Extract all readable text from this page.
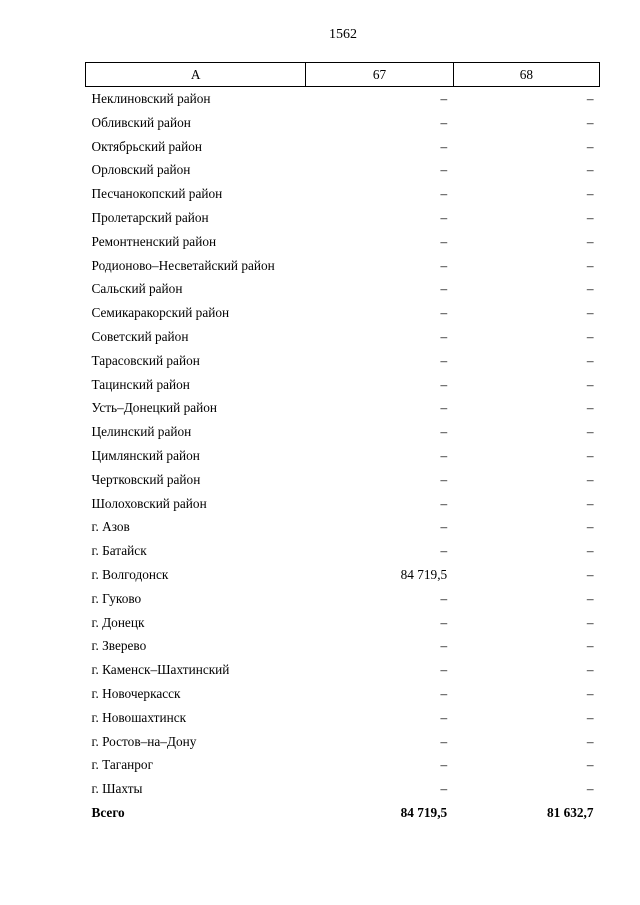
1562
А	67	68
Неклиновский район	–	–
Обливский район	–	–
Октябрьский район	–	–
Орловский район	–	–
Песчанокопский район	–	–
Пролетарский район	–	–
Ремонтненский район	–	–
Родионово–Несветайский район	–	–
Сальский район	–	–
Семикаракорский район	–	–
Советский район	–	–
Тарасовский район	–	–
Тацинский район	–	–
Усть–Донецкий район	–	–
Целинский район	–	–
Цимлянский район	–	–
Чертковский район	–	–
Шолоховский район	–	–
г. Азов	–	–
г. Батайск	–	–
г. Волгодонск	84 719,5	–
г. Гуково	–	–
г. Донецк	–	–
г. Зверево	–	–
г. Каменск–Шахтинский	–	–
г. Новочеркасск	–	–
г. Новошахтинск	–	–
г. Ростов–на–Дону	–	–
г. Таганрог	–	–
г. Шахты	–	–
Всего	84 719,5	81 632,7
